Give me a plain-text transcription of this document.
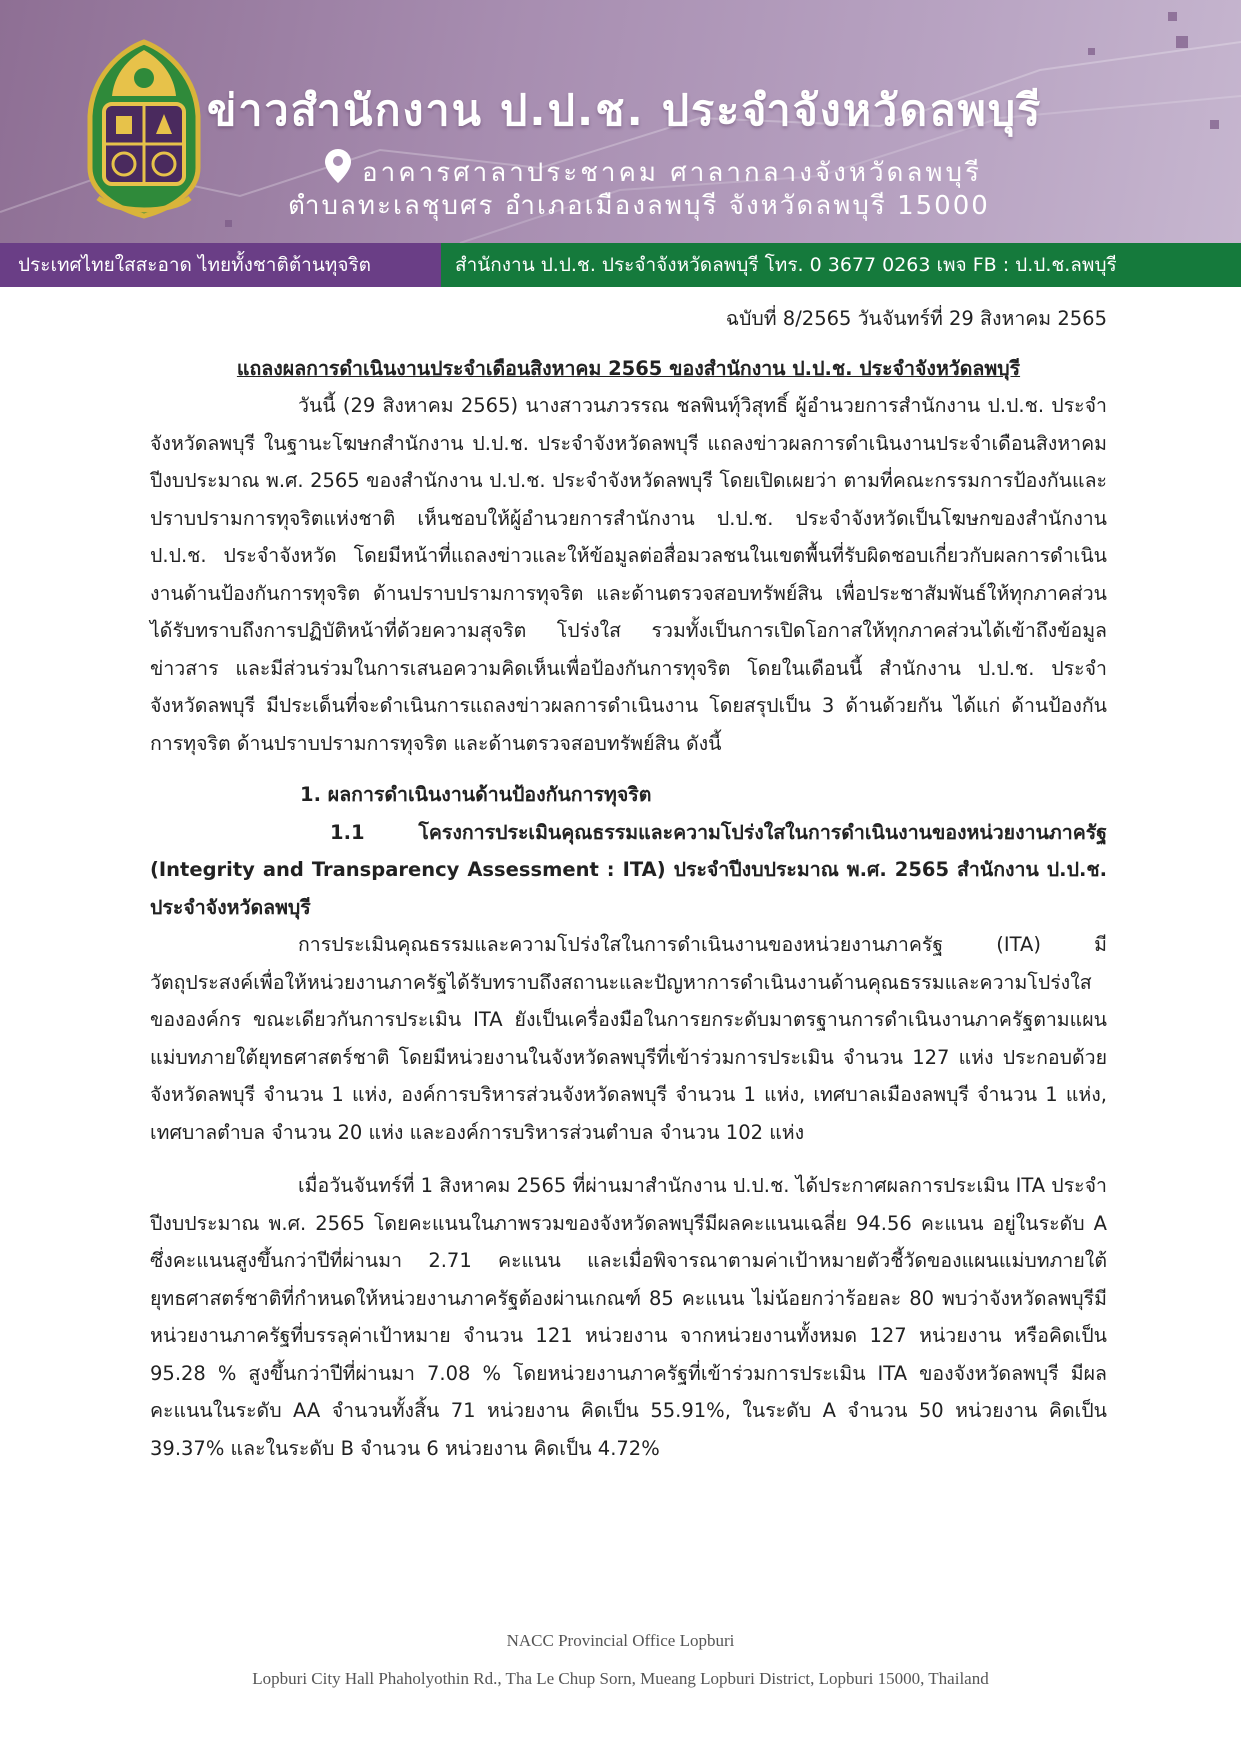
ข่าวสำนักงาน ป.ป.ช. ประจำจังหวัดลพบุรี
อาคารศาลาประชาคม ศาลากลางจังหวัดลพบุรี
ตำบลทะเลชุบศร อำเภอเมืองลพบุรี จังหวัดลพบุรี 15000
ประเทศไทยใสสะอาด ไทยทั้งชาติต้านทุจริต	สำนักงาน ป.ป.ช. ประจำจังหวัดลพบุรี โทร. 0 3677 0263 เพจ FB : ป.ป.ช.ลพบุรี

ฉบับที่ 8/2565 วันจันทร์ที่ 29 สิงหาคม 2565

แถลงผลการดำเนินงานประจำเดือนสิงหาคม 2565 ของสำนักงาน ป.ป.ช. ประจำจังหวัดลพบุรี

วันนี้ (29 สิงหาคม 2565) นางสาวนภวรรณ ชลพินทุ์วิสุทธิ์ ผู้อำนวยการสำนักงาน ป.ป.ช. ประจำจังหวัดลพบุรี ในฐานะโฆษกสำนักงาน ป.ป.ช. ประจำจังหวัดลพบุรี แถลงข่าวผลการดำเนินงานประจำเดือนสิงหาคม ปีงบประมาณ พ.ศ. 2565 ของสำนักงาน ป.ป.ช. ประจำจังหวัดลพบุรี โดยเปิดเผยว่า ตามที่คณะกรรมการป้องกันและปราบปรามการทุจริตแห่งชาติ เห็นชอบให้ผู้อำนวยการสำนักงาน ป.ป.ช. ประจำจังหวัดเป็นโฆษกของสำนักงาน ป.ป.ช. ประจำจังหวัด โดยมีหน้าที่แถลงข่าวและให้ข้อมูลต่อสื่อมวลชนในเขตพื้นที่รับผิดชอบเกี่ยวกับผลการดำเนินงานด้านป้องกันการทุจริต ด้านปราบปรามการทุจริต และด้านตรวจสอบทรัพย์สิน เพื่อประชาสัมพันธ์ให้ทุกภาคส่วนได้รับทราบถึงการปฏิบัติหน้าที่ด้วยความสุจริต โปร่งใส รวมทั้งเป็นการเปิดโอกาสให้ทุกภาคส่วนได้เข้าถึงข้อมูลข่าวสาร และมีส่วนร่วมในการเสนอความคิดเห็นเพื่อป้องกันการทุจริต โดยในเดือนนี้ สำนักงาน ป.ป.ช. ประจำจังหวัดลพบุรี มีประเด็นที่จะดำเนินการแถลงข่าวผลการดำเนินงาน โดยสรุปเป็น 3 ด้านด้วยกัน ได้แก่ ด้านป้องกันการทุจริต ด้านปราบปรามการทุจริต และด้านตรวจสอบทรัพย์สิน ดังนี้

1. ผลการดำเนินงานด้านป้องกันการทุจริต

1.1 โครงการประเมินคุณธรรมและความโปร่งใสในการดำเนินงานของหน่วยงานภาครัฐ (Integrity and Transparency Assessment : ITA) ประจำปีงบประมาณ พ.ศ. 2565 สำนักงาน ป.ป.ช. ประจำจังหวัดลพบุรี

การประเมินคุณธรรมและความโปร่งใสในการดำเนินงานของหน่วยงานภาครัฐ (ITA) มีวัตถุประสงค์เพื่อให้หน่วยงานภาครัฐได้รับทราบถึงสถานะและปัญหาการดำเนินงานด้านคุณธรรมและความโปร่งใสขององค์กร ขณะเดียวกันการประเมิน ITA ยังเป็นเครื่องมือในการยกระดับมาตรฐานการดำเนินงานภาครัฐตามแผนแม่บทภายใต้ยุทธศาสตร์ชาติ โดยมีหน่วยงานในจังหวัดลพบุรีที่เข้าร่วมการประเมิน จำนวน 127 แห่ง ประกอบด้วย จังหวัดลพบุรี จำนวน 1 แห่ง, องค์การบริหารส่วนจังหวัดลพบุรี จำนวน 1 แห่ง, เทศบาลเมืองลพบุรี จำนวน 1 แห่ง, เทศบาลตำบล จำนวน 20 แห่ง และองค์การบริหารส่วนตำบล จำนวน 102 แห่ง

เมื่อวันจันทร์ที่ 1 สิงหาคม 2565 ที่ผ่านมาสำนักงาน ป.ป.ช. ได้ประกาศผลการประเมิน ITA ประจำปีงบประมาณ พ.ศ. 2565 โดยคะแนนในภาพรวมของจังหวัดลพบุรีมีผลคะแนนเฉลี่ย 94.56 คะแนน อยู่ในระดับ A ซึ่งคะแนนสูงขึ้นกว่าปีที่ผ่านมา 2.71 คะแนน และเมื่อพิจารณาตามค่าเป้าหมายตัวชี้วัดของแผนแม่บทภายใต้ยุทธศาสตร์ชาติที่กำหนดให้หน่วยงานภาครัฐต้องผ่านเกณฑ์ 85 คะแนน ไม่น้อยกว่าร้อยละ 80 พบว่าจังหวัดลพบุรีมีหน่วยงานภาครัฐที่บรรลุค่าเป้าหมาย จำนวน 121 หน่วยงาน จากหน่วยงานทั้งหมด 127 หน่วยงาน หรือคิดเป็น 95.28 % สูงขึ้นกว่าปีที่ผ่านมา 7.08 % โดยหน่วยงานภาครัฐที่เข้าร่วมการประเมิน ITA ของจังหวัดลพบุรี มีผลคะแนนในระดับ AA จำนวนทั้งสิ้น 71 หน่วยงาน คิดเป็น 55.91%, ในระดับ A จำนวน 50 หน่วยงาน คิดเป็น 39.37% และในระดับ B จำนวน 6 หน่วยงาน คิดเป็น 4.72%

NACC Provincial Office Lopburi
Lopburi City Hall Phaholyothin Rd., Tha Le Chup Sorn, Mueang Lopburi District, Lopburi 15000, Thailand
